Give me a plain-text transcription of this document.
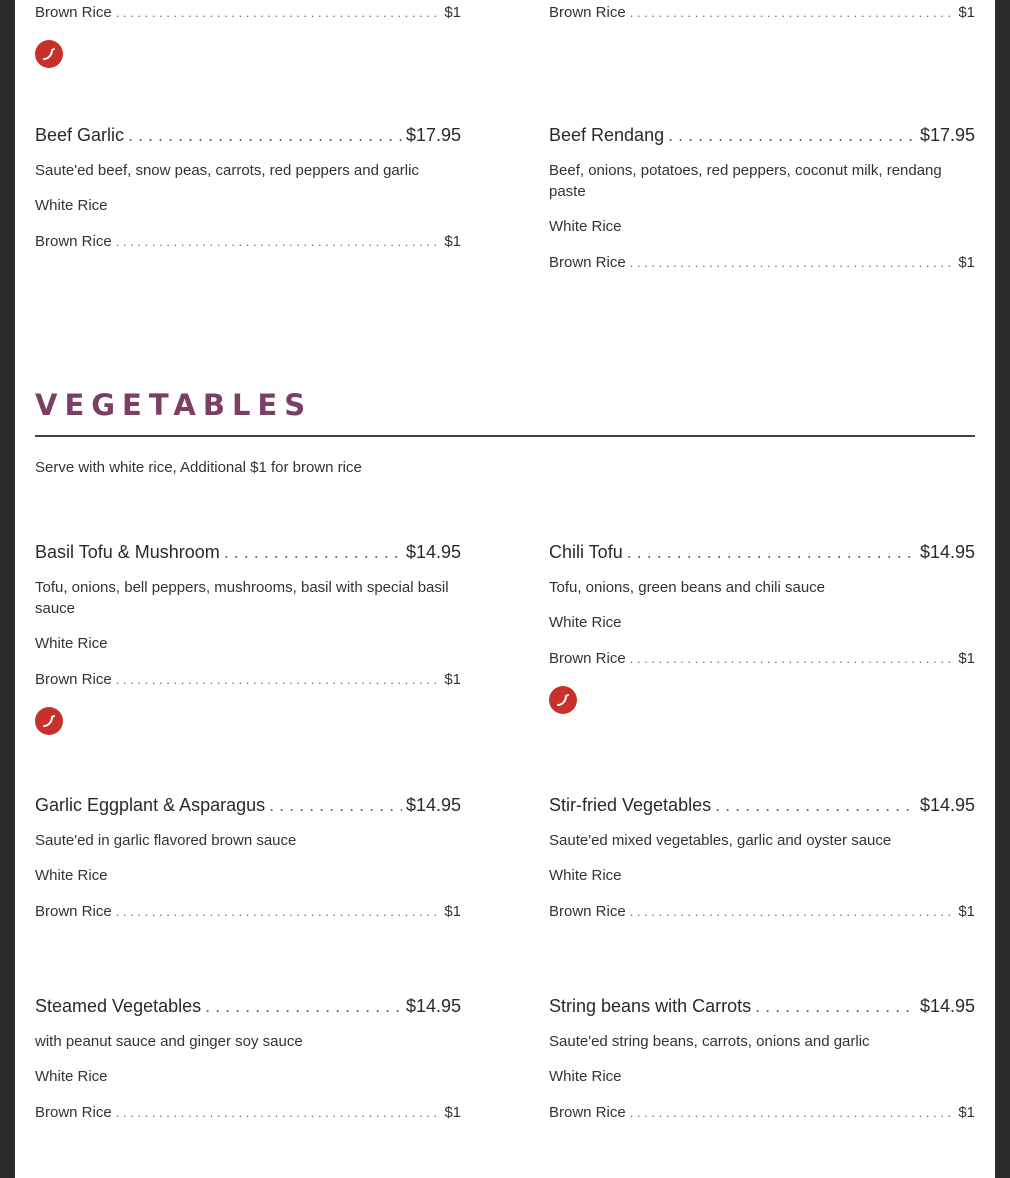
Brown Rice . . .	$1	Brown Rice . . .	$1
Beef Garlic . . .	$17.95
Saute'ed beef, snow peas, carrots, red peppers and garlic
White Rice
Brown Rice . . .	$1
Beef Rendang . . .	$17.95
Beef, onions, potatoes, red peppers, coconut milk, rendang paste
White Rice
Brown Rice . . .	$1
VEGETABLES
Serve with white rice, Additional $1 for brown rice
Basil Tofu & Mushroom . . .	$14.95
Tofu, onions, bell peppers, mushrooms, basil with special basil sauce
White Rice
Brown Rice . . .	$1
Chili Tofu . . .	$14.95
Tofu, onions, green beans and chili sauce
White Rice
Brown Rice . . .	$1
Garlic Eggplant & Asparagus . . .	$14.95
Saute'ed in garlic flavored brown sauce
White Rice
Brown Rice . . .	$1
Stir-fried Vegetables . . .	$14.95
Saute'ed mixed vegetables, garlic and oyster sauce
White Rice
Brown Rice . . .	$1
Steamed Vegetables . . .	$14.95
with peanut sauce and ginger soy sauce
White Rice
Brown Rice . . .	$1
String beans with Carrots . . .	$14.95
Saute'ed string beans, carrots, onions and garlic
White Rice
Brown Rice . . .	$1
